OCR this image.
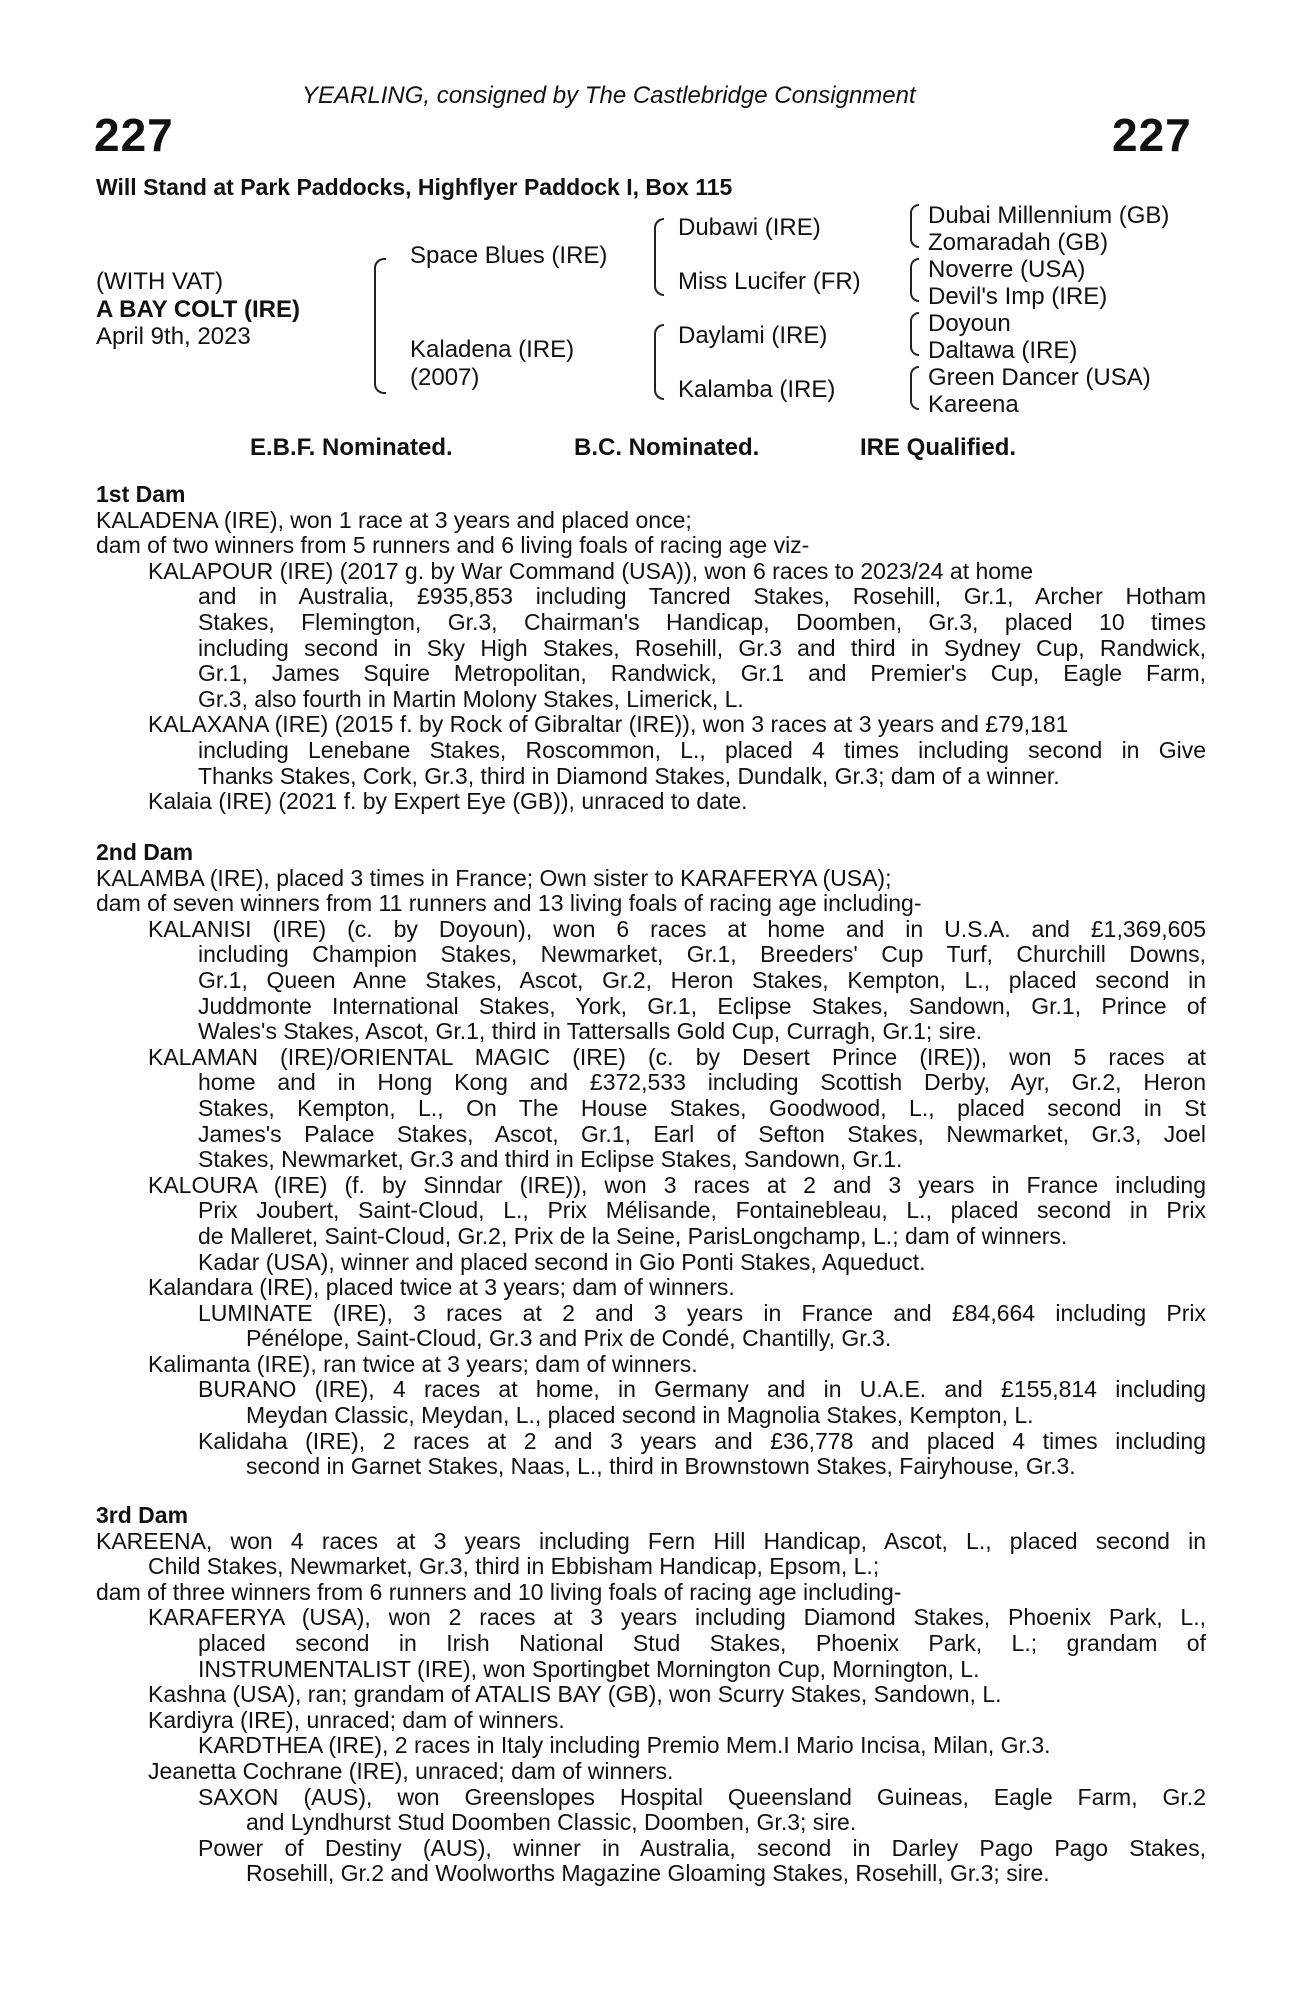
YEARLING, consigned by The Castlebridge Consignment
227	227
Will Stand at Park Paddocks, Highflyer Paddock I, Box 115
(WITH VAT)
A BAY COLT (IRE)
April 9th, 2023
Space Blues (IRE)
Kaladena (IRE)
(2007)
Dubawi (IRE)
Miss Lucifer (FR)
Daylami (IRE)
Kalamba (IRE)
Dubai Millennium (GB)
Zomaradah (GB)
Noverre (USA)
Devil's Imp (IRE)
Doyoun
Daltawa (IRE)
Green Dancer (USA)
Kareena
E.B.F. Nominated.	B.C. Nominated.	IRE Qualified.

1st Dam

KALADENA (IRE), won 1 race at 3 years and placed once;

dam of two winners from 5 runners and 6 living foals of racing age viz-

KALAPOUR (IRE) (2017 g. by War Command (USA)), won 6 races to 2023/24 at home

and in Australia, £935,853 including Tancred Stakes, Rosehill, Gr.1, Archer Hotham

Stakes, Flemington, Gr.3, Chairman's Handicap, Doomben, Gr.3, placed 10 times

including second in Sky High Stakes, Rosehill, Gr.3 and third in Sydney Cup, Randwick,

Gr.1, James Squire Metropolitan, Randwick, Gr.1 and Premier's Cup, Eagle Farm,

Gr.3, also fourth in Martin Molony Stakes, Limerick, L.

KALAXANA (IRE) (2015 f. by Rock of Gibraltar (IRE)), won 3 races at 3 years and £79,181

including Lenebane Stakes, Roscommon, L., placed 4 times including second in Give

Thanks Stakes, Cork, Gr.3, third in Diamond Stakes, Dundalk, Gr.3; dam of a winner.

Kalaia (IRE) (2021 f. by Expert Eye (GB)), unraced to date.

2nd Dam

KALAMBA (IRE), placed 3 times in France; Own sister to KARAFERYA (USA);

dam of seven winners from 11 runners and 13 living foals of racing age including-

KALANISI (IRE) (c. by Doyoun), won 6 races at home and in U.S.A. and £1,369,605

including Champion Stakes, Newmarket, Gr.1, Breeders' Cup Turf, Churchill Downs,

Gr.1, Queen Anne Stakes, Ascot, Gr.2, Heron Stakes, Kempton, L., placed second in

Juddmonte International Stakes, York, Gr.1, Eclipse Stakes, Sandown, Gr.1, Prince of

Wales's Stakes, Ascot, Gr.1, third in Tattersalls Gold Cup, Curragh, Gr.1; sire.

KALAMAN (IRE)/ORIENTAL MAGIC (IRE) (c. by Desert Prince (IRE)), won 5 races at

home and in Hong Kong and £372,533 including Scottish Derby, Ayr, Gr.2, Heron

Stakes, Kempton, L., On The House Stakes, Goodwood, L., placed second in St

James's Palace Stakes, Ascot, Gr.1, Earl of Sefton Stakes, Newmarket, Gr.3, Joel

Stakes, Newmarket, Gr.3 and third in Eclipse Stakes, Sandown, Gr.1.

KALOURA (IRE) (f. by Sinndar (IRE)), won 3 races at 2 and 3 years in France including

Prix Joubert, Saint-Cloud, L., Prix Mélisande, Fontainebleau, L., placed second in Prix

de Malleret, Saint-Cloud, Gr.2, Prix de la Seine, ParisLongchamp, L.; dam of winners.

Kadar (USA), winner and placed second in Gio Ponti Stakes, Aqueduct.

Kalandara (IRE), placed twice at 3 years; dam of winners.

LUMINATE (IRE), 3 races at 2 and 3 years in France and £84,664 including Prix

Pénélope, Saint-Cloud, Gr.3 and Prix de Condé, Chantilly, Gr.3.

Kalimanta (IRE), ran twice at 3 years; dam of winners.

BURANO (IRE), 4 races at home, in Germany and in U.A.E. and £155,814 including

Meydan Classic, Meydan, L., placed second in Magnolia Stakes, Kempton, L.

Kalidaha (IRE), 2 races at 2 and 3 years and £36,778 and placed 4 times including

second in Garnet Stakes, Naas, L., third in Brownstown Stakes, Fairyhouse, Gr.3.

3rd Dam

KAREENA, won 4 races at 3 years including Fern Hill Handicap, Ascot, L., placed second in

Child Stakes, Newmarket, Gr.3, third in Ebbisham Handicap, Epsom, L.;

dam of three winners from 6 runners and 10 living foals of racing age including-

KARAFERYA (USA), won 2 races at 3 years including Diamond Stakes, Phoenix Park, L.,

placed second in Irish National Stud Stakes, Phoenix Park, L.; grandam of

INSTRUMENTALIST (IRE), won Sportingbet Mornington Cup, Mornington, L.

Kashna (USA), ran; grandam of ATALIS BAY (GB), won Scurry Stakes, Sandown, L.

Kardiyra (IRE), unraced; dam of winners.

KARDTHEA (IRE), 2 races in Italy including Premio Mem.I Mario Incisa, Milan, Gr.3.

Jeanetta Cochrane (IRE), unraced; dam of winners.

SAXON (AUS), won Greenslopes Hospital Queensland Guineas, Eagle Farm, Gr.2

and Lyndhurst Stud Doomben Classic, Doomben, Gr.3; sire.

Power of Destiny (AUS), winner in Australia, second in Darley Pago Pago Stakes,

Rosehill, Gr.2 and Woolworths Magazine Gloaming Stakes, Rosehill, Gr.3; sire.
